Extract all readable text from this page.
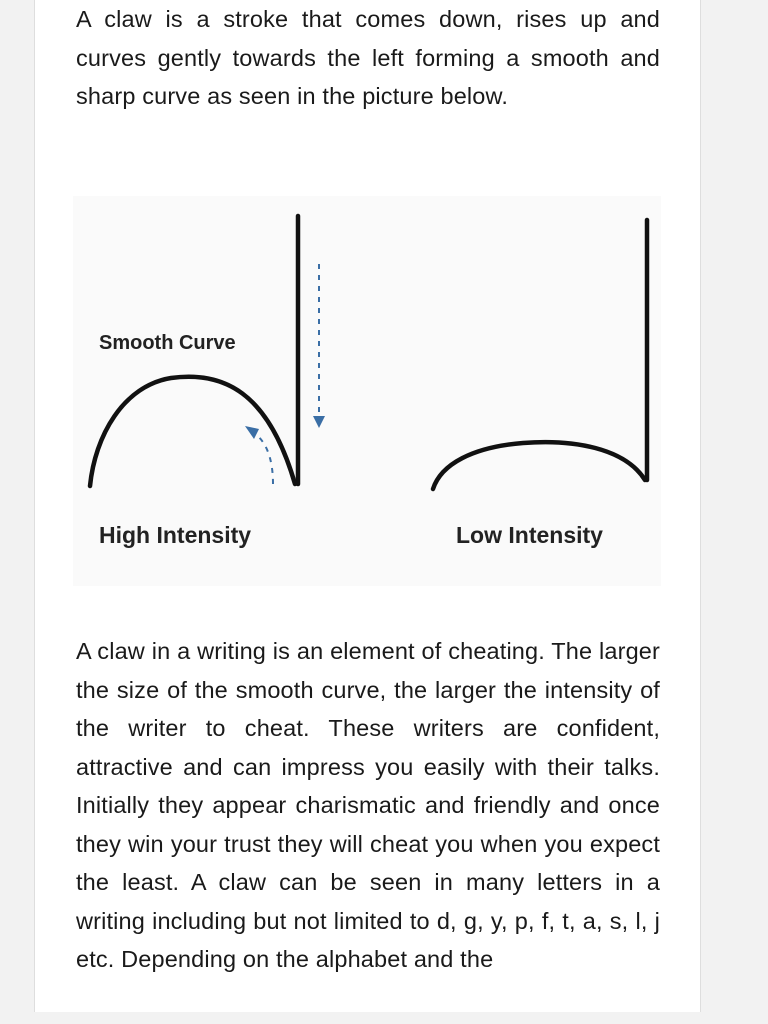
A claw is a stroke that comes down, rises up and curves gently towards the left forming a smooth and sharp curve as seen in the picture below.

Smooth Curve
High Intensity	Low Intensity

A claw in a writing is an element of cheating. The larger the size of the smooth curve, the larger the intensity of the writer to cheat. These writers are confident, attractive and can impress you easily with their talks. Initially they appear charismatic and friendly and once they win your trust they will cheat you when you expect the least. A claw can be seen in many letters in a writing including but not limited to d, g, y, p, f, t, a, s, l, j etc. Depending on the alphabet and the
